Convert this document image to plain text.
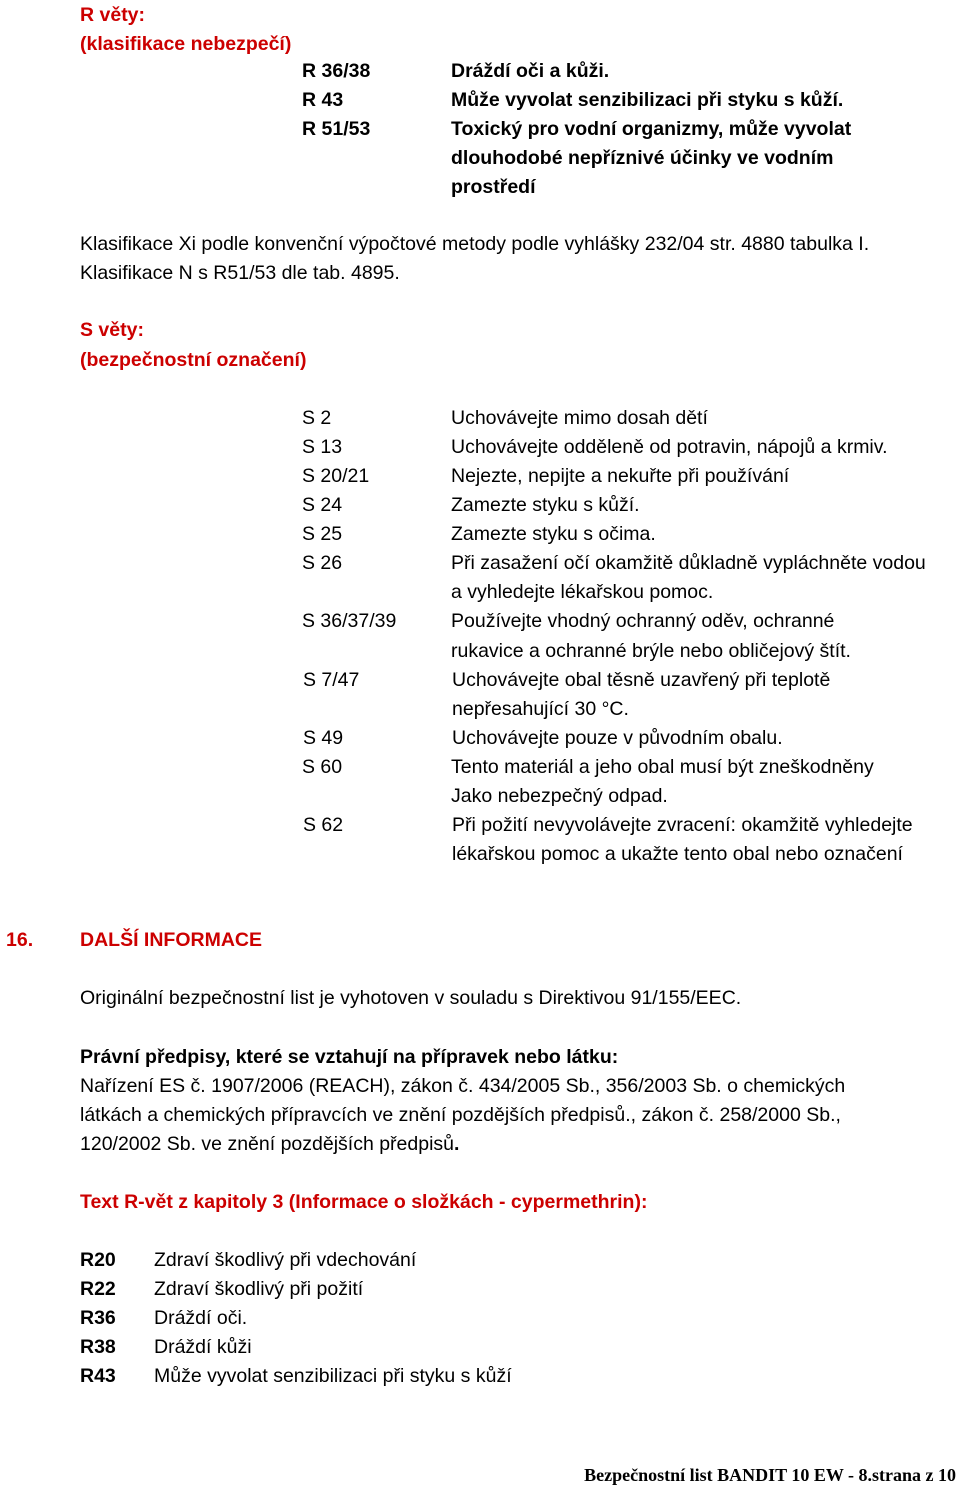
R věty:
(klasifikace nebezpečí)
R 36/38	Dráždí oči a kůži.
R 43	Může vyvolat senzibilizaci při styku s kůží.
R 51/53	Toxický pro vodní organizmy, může vyvolat
dlouhodobé nepříznivé účinky ve vodním
prostředí
Klasifikace Xi podle konvenční výpočtové metody podle vyhlášky 232/04 str. 4880 tabulka I.
Klasifikace N s R51/53 dle tab. 4895.
S věty:
(bezpečnostní označení)
S 2	Uchovávejte mimo dosah dětí
S 13	Uchovávejte odděleně od potravin, nápojů a krmiv.
S 20/21	Nejezte, nepijte a nekuřte při používání
S 24	Zamezte styku s kůží.
S 25	Zamezte styku s očima.
S 26	Při zasažení očí okamžitě důkladně vypláchněte vodou
a vyhledejte lékařskou pomoc.
S 36/37/39	Používejte vhodný ochranný oděv, ochranné
rukavice a ochranné brýle nebo obličejový štít.
S 7/47	Uchovávejte obal těsně uzavřený při teplotě
nepřesahující 30 °C.
S 49	Uchovávejte pouze v původním obalu.
S 60	Tento materiál a jeho obal musí být zneškodněny
Jako nebezpečný odpad.
S 62	Při požití nevyvolávejte zvracení: okamžitě vyhledejte
lékařskou pomoc a ukažte tento obal nebo označení
16. DALŠÍ INFORMACE
Originální bezpečnostní list je vyhotoven v souladu s Direktivou 91/155/EEC.
Právní předpisy, které se vztahují na přípravek nebo látku:
Nařízení ES č. 1907/2006 (REACH), zákon č. 434/2005 Sb., 356/2003 Sb. o chemických
látkách a chemických přípravcích ve znění pozdějších předpisů., zákon č. 258/2000 Sb.,
120/2002 Sb. ve znění pozdějších předpisů.
Text R-vět z kapitoly 3 (Informace o složkách - cypermethrin):
R20 Zdraví škodlivý při vdechování
R22 Zdraví škodlivý při požití
R36 Dráždí oči.
R38 Dráždí kůži
R43 Může vyvolat senzibilizaci při styku s kůží
Bezpečnostní list BANDIT 10 EW - 8.strana z 10
